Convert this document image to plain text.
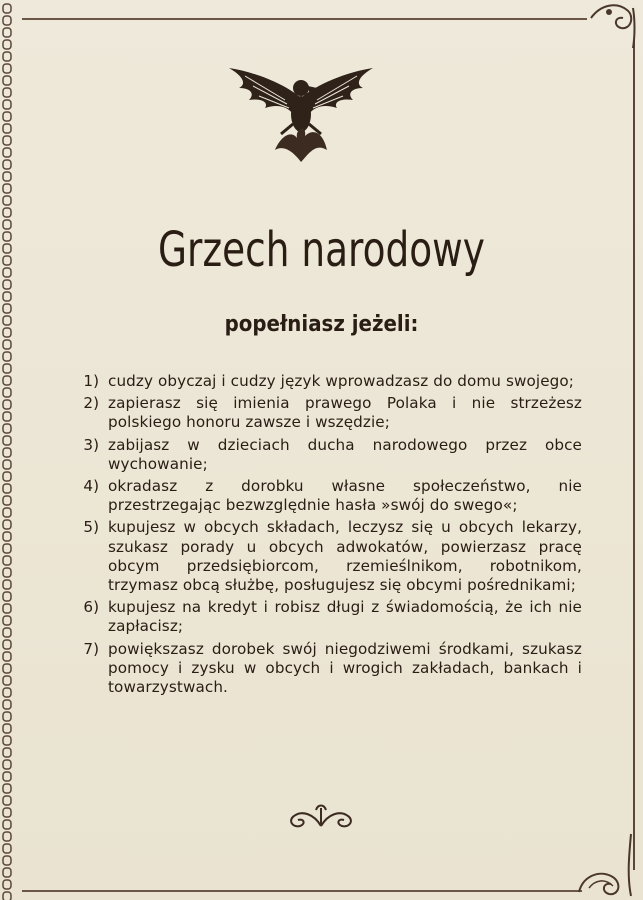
Grzech narodowy
popełniasz jeżeli:
1) cudzy obyczaj i cudzy język wprowadzasz do domu swojego;
2) zapierasz się imienia prawego Polaka i nie strzeżesz polskiego honoru zawsze i wszędzie;
3) zabijasz w dzieciach ducha narodowego przez obce wychowanie;
4) okradasz z dorobku własne społeczeństwo, nie przestrzegając bezwzględnie hasła »swój do swego«;
5) kupujesz w obcych składach, leczysz się u obcych lekarzy, szukasz porady u obcych adwokatów, powierzasz pracę obcym przedsiębiorcom, rzemieślnikom, robotnikom, trzymasz obcą służbę, posługujesz się obcymi pośrednikami;
6) kupujesz na kredyt i robisz długi z świadomością, że ich nie zapłacisz;
7) powiększasz dorobek swój niegodziwemi środkami, szukasz pomocy i zysku w obcych i wrogich zakładach, bankach i towarzystwach.
